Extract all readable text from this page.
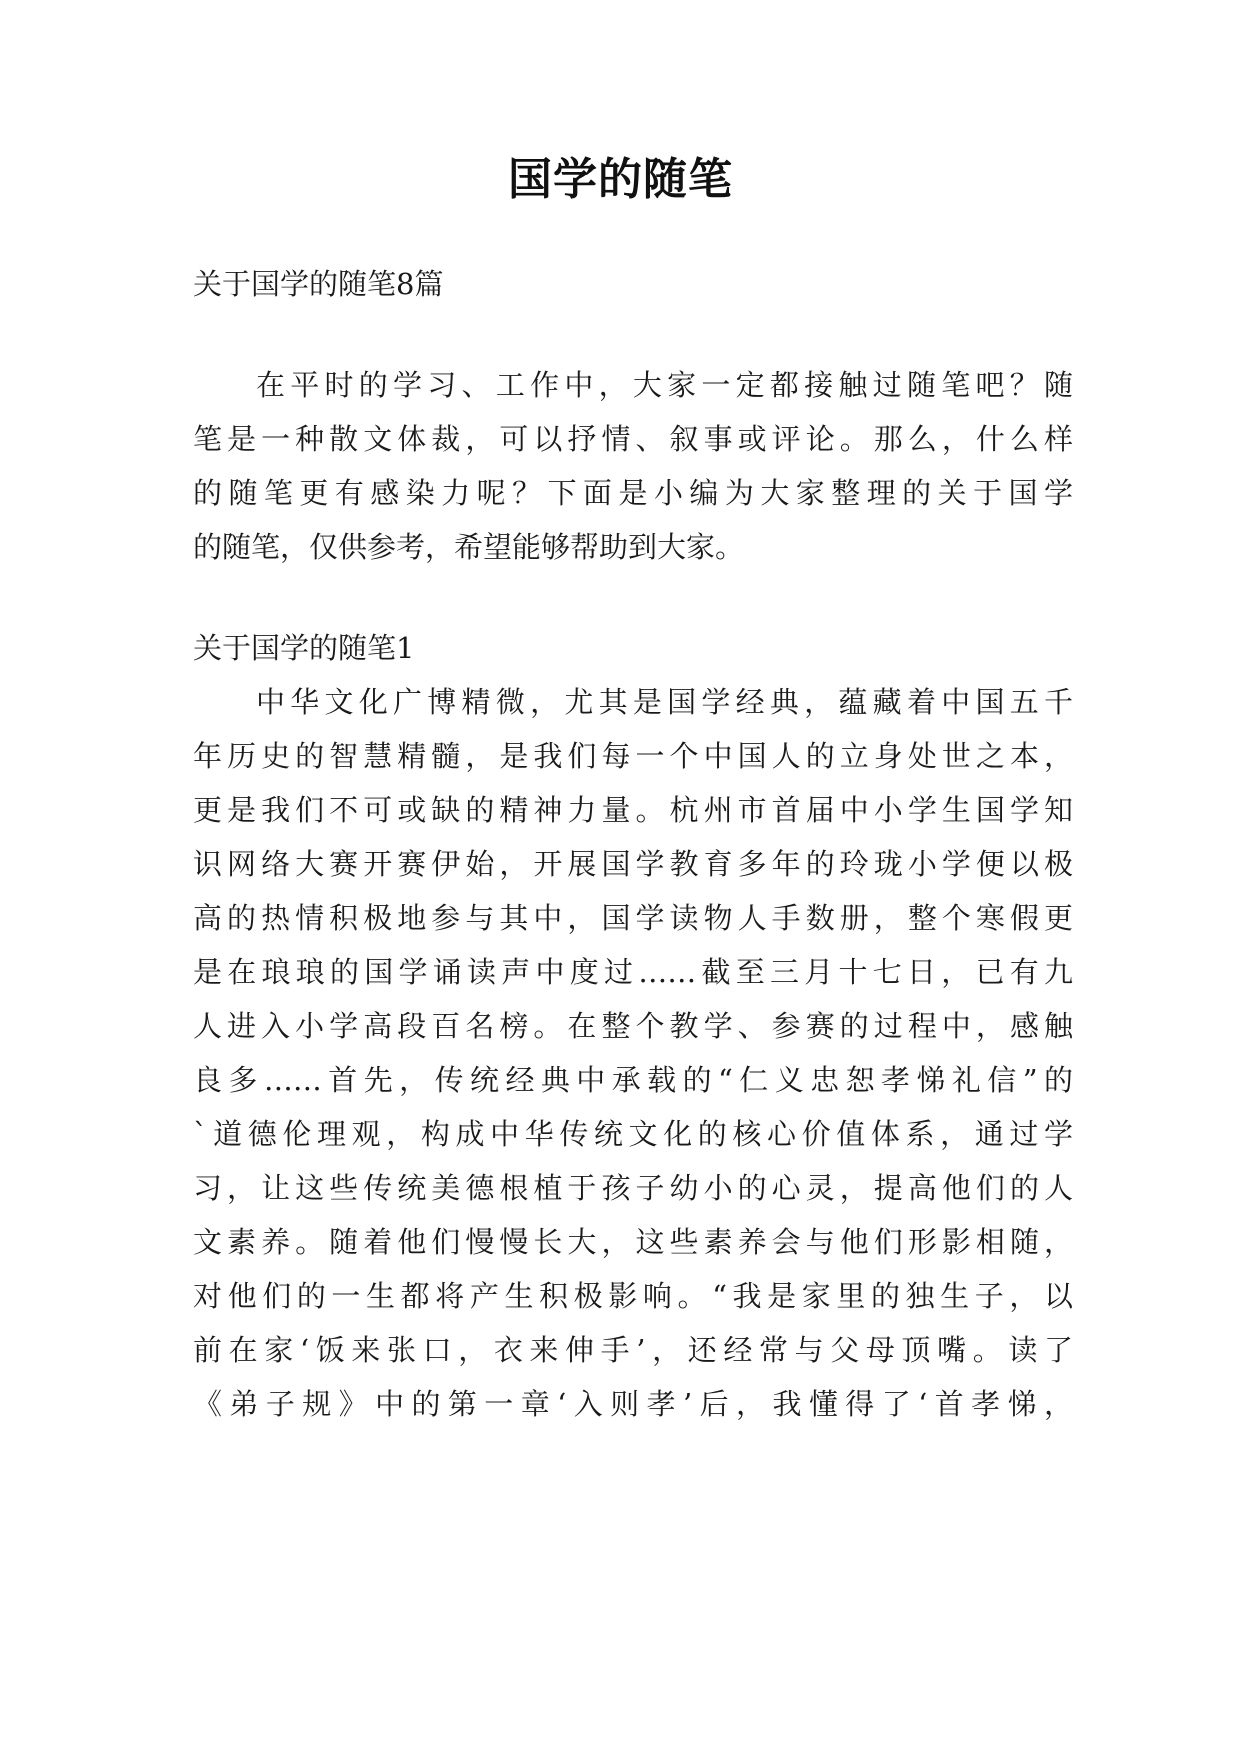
国学的随笔
关于国学的随笔8篇
在平时的学习、工作中，大家一定都接触过随笔吧？随
笔是一种散文体裁，可以抒情、叙事或评论。那么，什么样
的随笔更有感染力呢？下面是小编为大家整理的关于国学
的随笔，仅供参考，希望能够帮助到大家。
关于国学的随笔1
中华文化广博精微，尤其是国学经典，蕴藏着中国五千
年历史的智慧精髓，是我们每一个中国人的立身处世之本，
更是我们不可或缺的精神力量。杭州市首届中小学生国学知
识网络大赛开赛伊始，开展国学教育多年的玲珑小学便以极
高的热情积极地参与其中，国学读物人手数册，整个寒假更
是在琅琅的国学诵读声中度过……截至三月十七日，已有九
人进入小学高段百名榜。在整个教学、参赛的过程中，感触
良多……首先，传统经典中承载的“仁义忠恕孝悌礼信”的
`道德伦理观，构成中华传统文化的核心价值体系，通过学
习，让这些传统美德根植于孩子幼小的心灵，提高他们的人
文素养。随着他们慢慢长大，这些素养会与他们形影相随，
对他们的一生都将产生积极影响。“我是家里的独生子，以
前在家‘饭来张口，衣来伸手’，还经常与父母顶嘴。读了
《弟子规》中的第一章‘入则孝’后，我懂得了‘首孝悌，
